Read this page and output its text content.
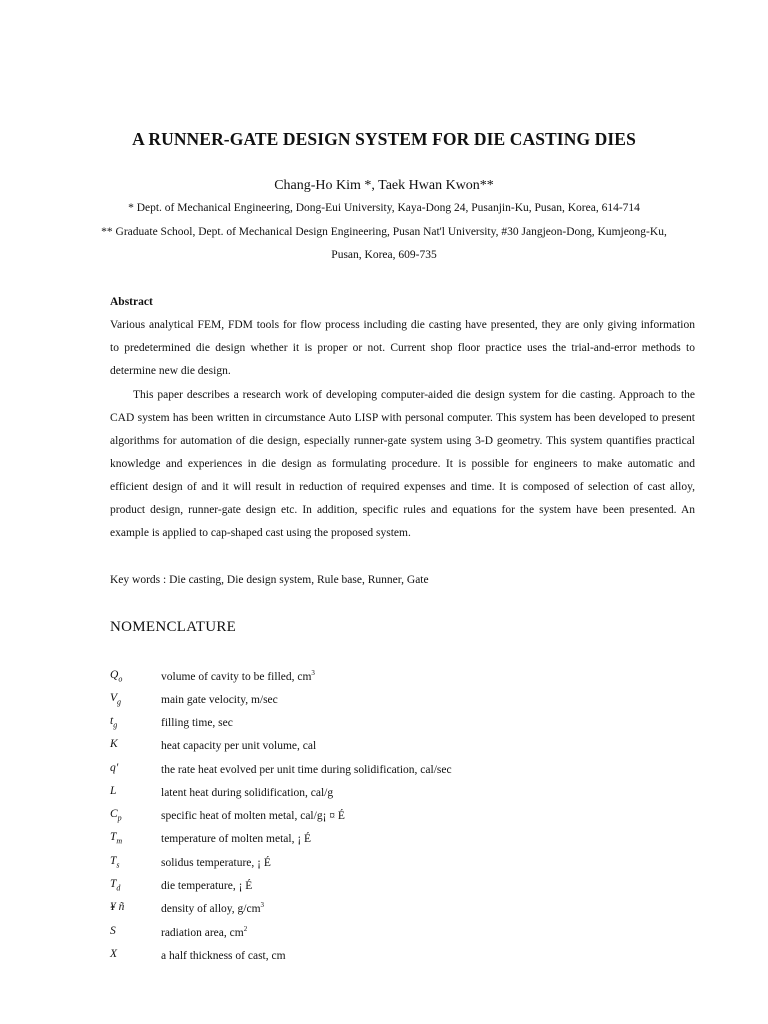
A RUNNER-GATE DESIGN SYSTEM FOR DIE CASTING DIES
Chang-Ho Kim *, Taek Hwan Kwon**
* Dept. of Mechanical Engineering, Dong-Eui University, Kaya-Dong 24, Pusanjin-Ku, Pusan, Korea, 614-714
** Graduate School, Dept. of Mechanical Design Engineering, Pusan Nat'l University, #30 Jangjeon-Dong, Kumjeong-Ku,
Pusan, Korea, 609-735
Abstract
Various analytical FEM, FDM tools for flow process including die casting have presented, they are only giving information
to predetermined die design whether it is proper or not. Current shop floor practice uses the trial-and-error methods to
determine new die design.
This paper describes a research work of developing computer-aided die design system for die casting. Approach to the
CAD system has been written in circumstance Auto LISP with personal computer. This system has been developed to present
algorithms for automation of die design, especially runner-gate system using 3-D geometry. This system quantifies practical
knowledge and experiences in die design as formulating procedure. It is possible for engineers to make automatic and
efficient design of and it will result in reduction of required expenses and time. It is composed of selection of cast alloy,
product design, runner-gate design etc. In addition, specific rules and equations for the system have been presented. An
example is applied to cap-shaped cast using the proposed system.
Key words : Die casting, Die design system, Rule base, Runner, Gate
NOMENCLATURE
$Q_o$	volume of cavity to be filled, $cm^3$
$V_g$	main gate velocity, m/sec
$t_g$	filling time, sec
K	heat capacity per unit volume, cal
q'	the rate heat evolved per unit time during solidification, cal/sec
L	latent heat during solidification, cal/g
$C_p$	specific heat of molten metal, cal/g¡ ¤ É
$T_m$	temperature of molten metal, ¡ É
$T_s$	solidus temperature, ¡ É
$T_d$	die temperature, ¡ É
¥ ñ	density of alloy, $g/cm^3$
S	radiation area, $cm^2$
X	a half thickness of cast, cm
